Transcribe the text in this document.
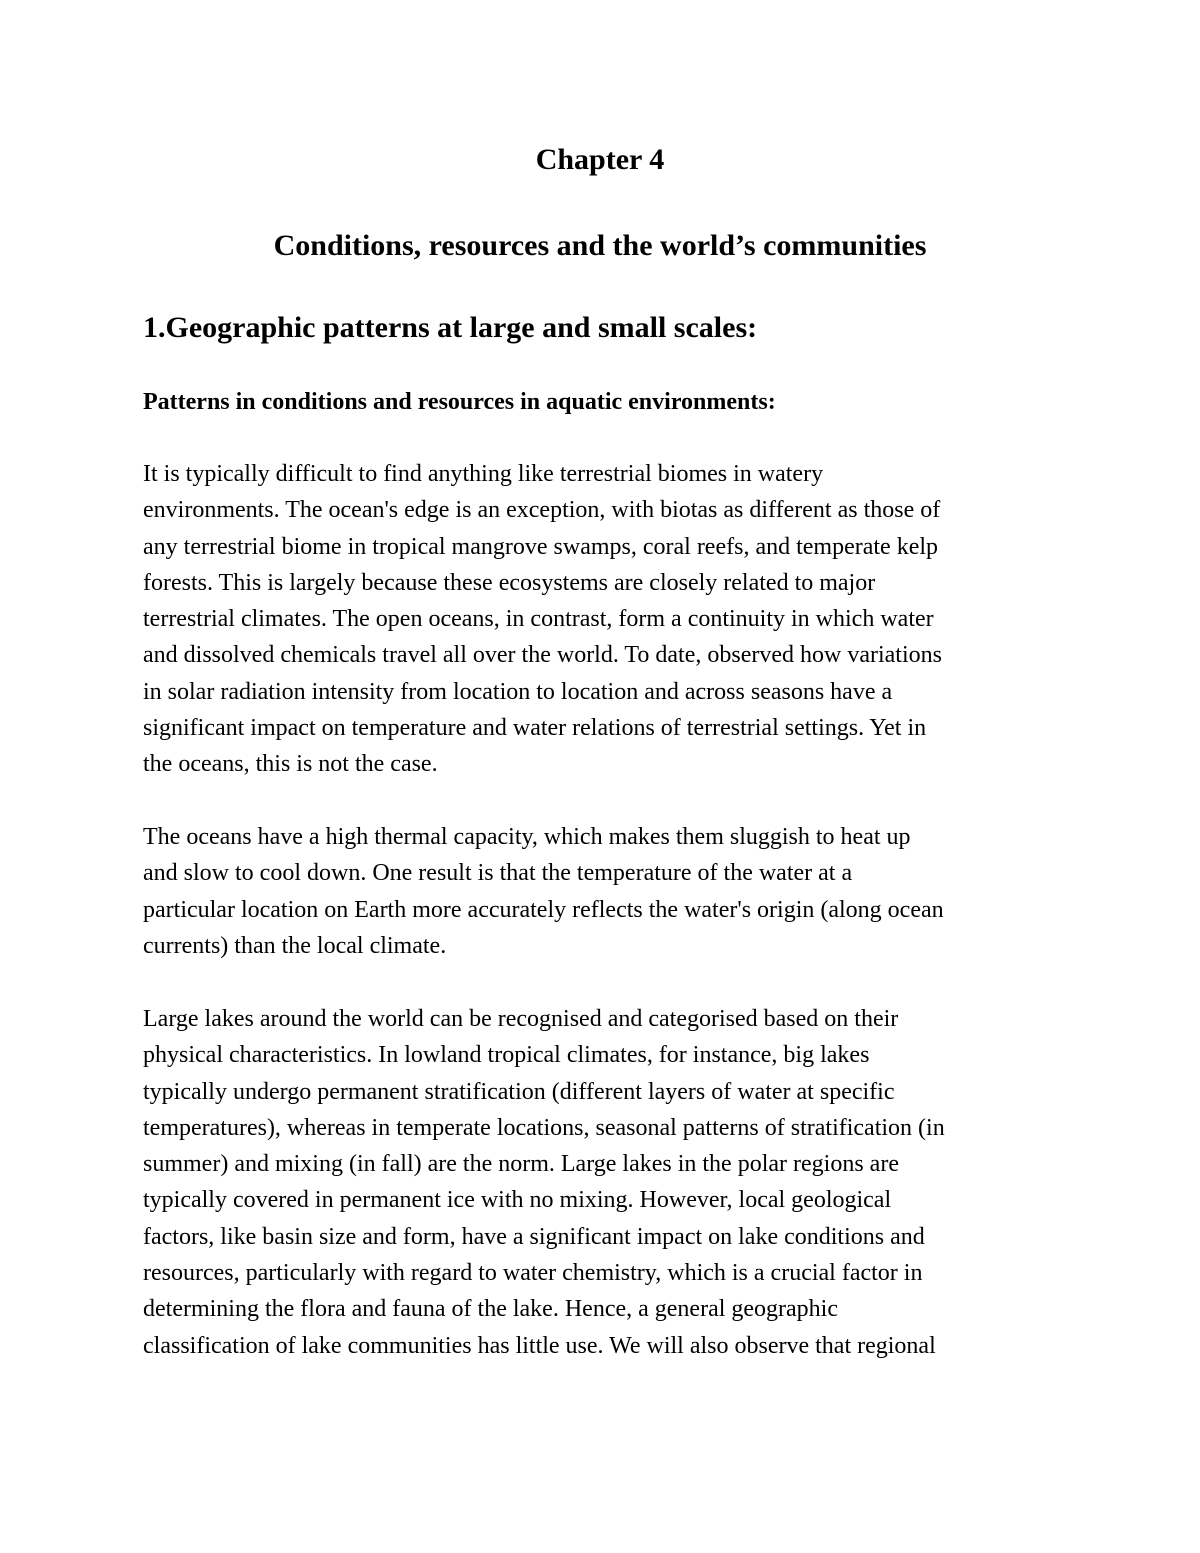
Chapter 4
Conditions, resources and the world’s communities
1.Geographic patterns at large and small scales:
Patterns in conditions and resources in aquatic environments:

It is typically difficult to find anything like terrestrial biomes in watery
environments. The ocean's edge is an exception, with biotas as different as those of
any terrestrial biome in tropical mangrove swamps, coral reefs, and temperate kelp
forests. This is largely because these ecosystems are closely related to major
terrestrial climates. The open oceans, in contrast, form a continuity in which water
and dissolved chemicals travel all over the world. To date, observed how variations
in solar radiation intensity from location to location and across seasons have a
significant impact on temperature and water relations of terrestrial settings. Yet in
the oceans, this is not the case.

The oceans have a high thermal capacity, which makes them sluggish to heat up
and slow to cool down. One result is that the temperature of the water at a
particular location on Earth more accurately reflects the water's origin (along ocean
currents) than the local climate.

Large lakes around the world can be recognised and categorised based on their
physical characteristics. In lowland tropical climates, for instance, big lakes
typically undergo permanent stratification (different layers of water at specific
temperatures), whereas in temperate locations, seasonal patterns of stratification (in
summer) and mixing (in fall) are the norm. Large lakes in the polar regions are
typically covered in permanent ice with no mixing. However, local geological
factors, like basin size and form, have a significant impact on lake conditions and
resources, particularly with regard to water chemistry, which is a crucial factor in
determining the flora and fauna of the lake. Hence, a general geographic
classification of lake communities has little use. We will also observe that regional
